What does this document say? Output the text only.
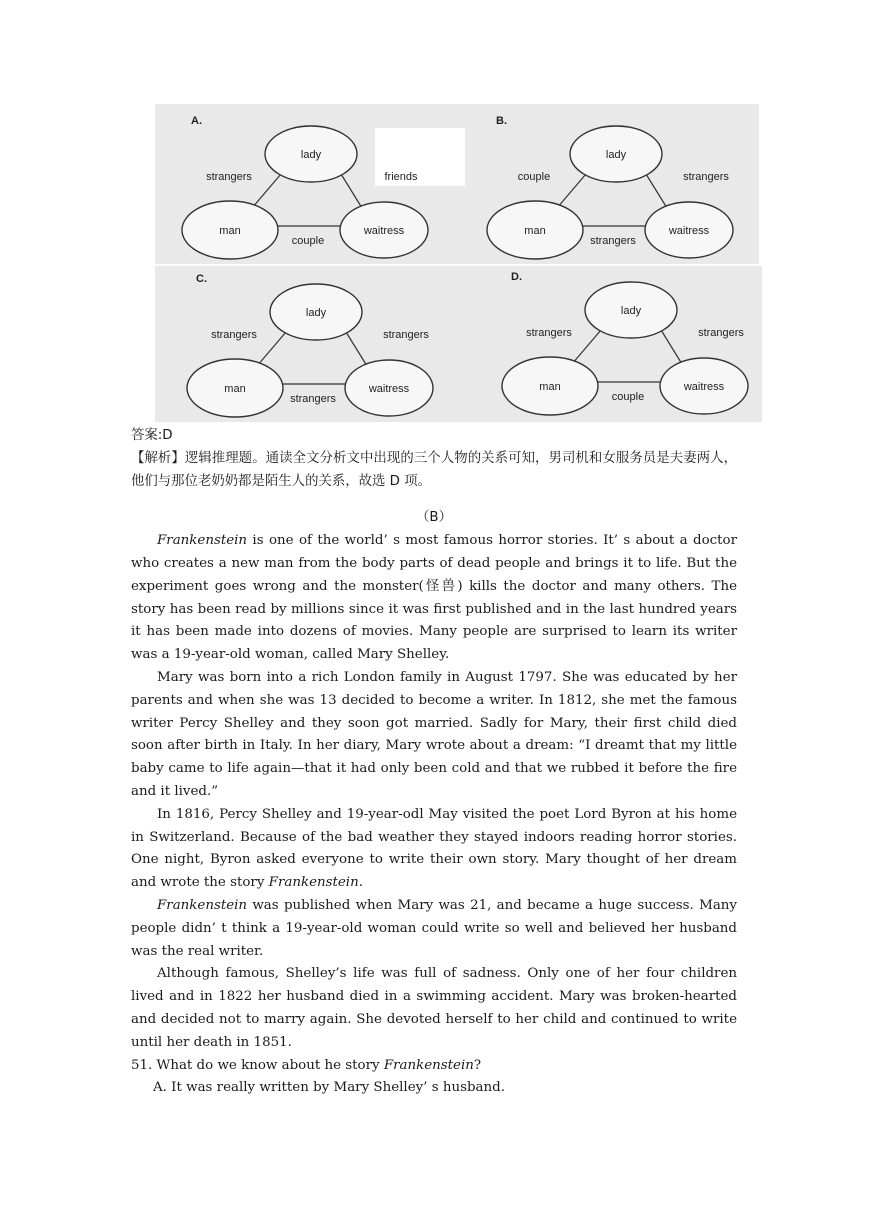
A.
lady
man	waitress
strangers	friends
couple
B.
lady
man	waitress
couple	strangers
strangers
C.
lady
man	waitress
strangers	strangers
strangers
D.
lady
man	waitress
strangers	strangers
couple

答案:D

【解析】逻辑推理题。通读全文分析文中出现的三个人物的关系可知，男司机和女服务员是夫妻两人，他们与那位老奶奶都是陌生人的关系，故选 D 项。

（B）

Frankenstein is one of the world’ s most famous horror stories. It’ s about a doctor who creates a new man from the body parts of dead people and brings it to life. But the experiment goes wrong and the monster(怪兽) kills the doctor and many others. The story has been read by millions since it was first published and in the last hundred years it has been made into dozens of movies. Many people are surprised to learn its writer was a 19-year-old woman, called Mary Shelley.

Mary was born into a rich London family in August 1797. She was educated by her parents and when she was 13 decided to become a writer. In 1812, she met the famous writer Percy Shelley and they soon got married. Sadly for Mary, their first child died soon after birth in Italy. In her diary, Mary wrote about a dream: “I dreamt that my little baby came to life again—that it had only been cold and that we rubbed it before the fire and it lived.”

In 1816, Percy Shelley and 19-year-odl May visited the poet Lord Byron at his home in Switzerland. Because of the bad weather they stayed indoors reading horror stories. One night, Byron asked everyone to write their own story. Mary thought of her dream and wrote the story Frankenstein.

Frankenstein was published when Mary was 21, and became a huge success. Many people didn’ t think a 19-year-old woman could write so well and believed her husband was the real writer.

Although famous, Shelley’s life was full of sadness. Only one of her four children lived and in 1822 her husband died in a swimming accident. Mary was broken-hearted and decided not to marry again. She devoted herself to her child and continued to write until her death in 1851.

51. What do we know about he story Frankenstein?

A. It was really written by Mary Shelley’ s husband.
